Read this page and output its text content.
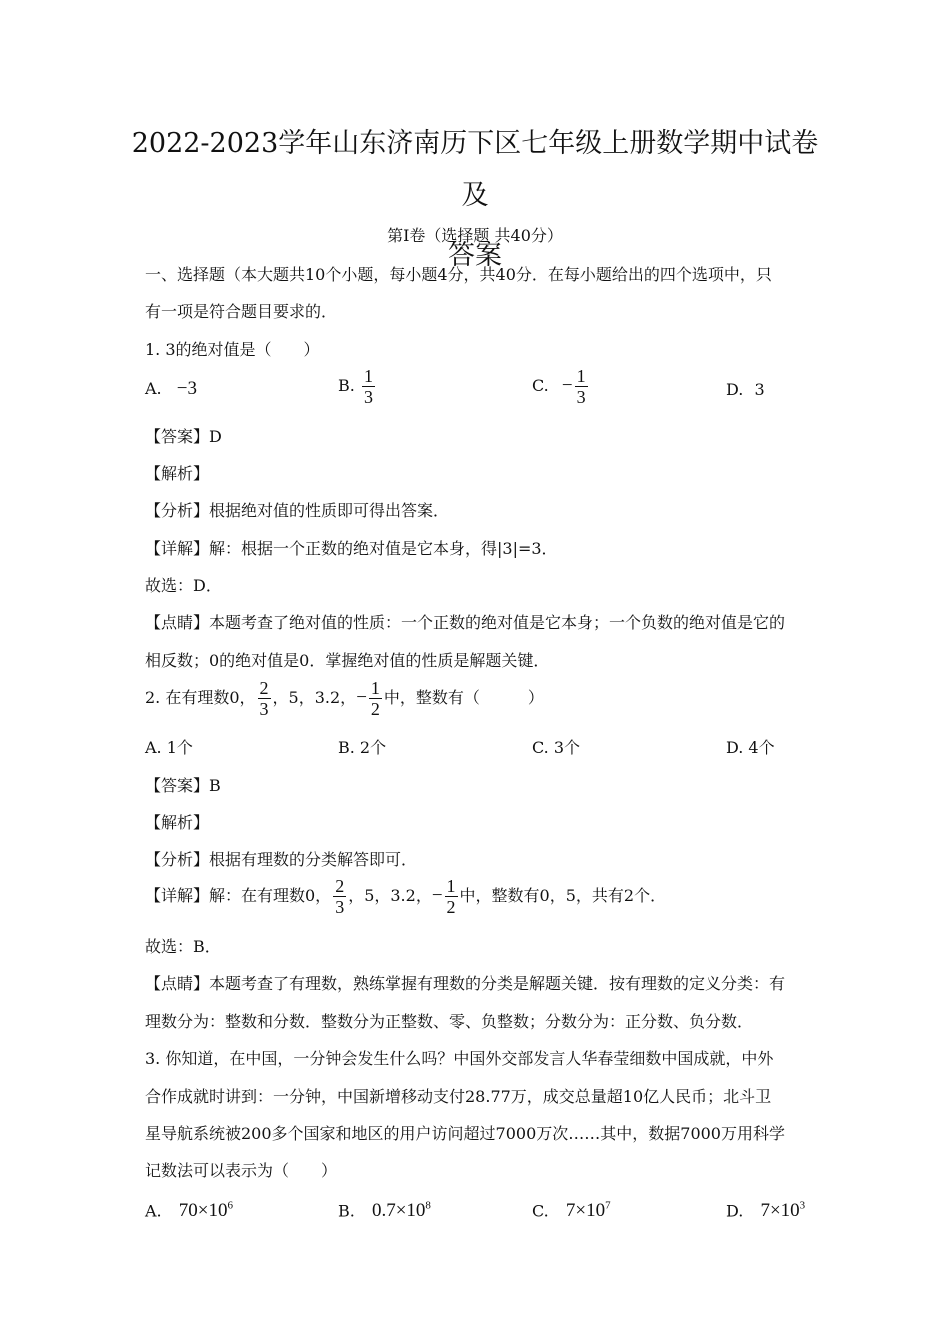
2022-2023学年山东济南历下区七年级上册数学期中试卷及
答案
第Ⅰ卷（选择题 共40分）
一、选择题（本大题共10个小题，每小题4分，共40分．在每小题给出的四个选项中，只
有一项是符合题目要求的．
1. 3的绝对值是（　　）
A. −3	B. $\frac{1}{3}$	C. − $\frac{1}{3}$	D. 3
【答案】D
【解析】
【分析】根据绝对值的性质即可得出答案．
【详解】解：根据一个正数的绝对值是它本身，得|3|=3．
故选：D．
【点睛】本题考查了绝对值的性质：一个正数的绝对值是它本身；一个负数的绝对值是它的
相反数；0的绝对值是0．掌握绝对值的性质是解题关键．
2. 在有理数0， $\frac{2}{3}$ ，5，3.2，− $\frac{1}{2}$ 中，整数有（　　　）
A. 1个	B. 2个	C. 3个	D. 4个
【答案】B
【解析】
【分析】根据有理数的分类解答即可．
【详解】解：在有理数0， $\frac{2}{3}$ ，5，3.2，− $\frac{1}{2}$ 中，整数有0，5，共有2个．
故选：B．
【点睛】本题考查了有理数，熟练掌握有理数的分类是解题关键．按有理数的定义分类：有
理数分为：整数和分数．整数分为正整数、零、负整数；分数分为：正分数、负分数．
3. 你知道，在中国，一分钟会发生什么吗？中国外交部发言人华春莹细数中国成就，中外
合作成就时讲到：一分钟，中国新增移动支付28.77万，成交总量超10亿人民币；北斗卫
星导航系统被200多个国家和地区的用户访问超过7000万次……其中，数据7000万用科学
记数法可以表示为（　　）
A. $70\times 10^6$	B. $0.7\times 10^8$	C. $7\times 10^7$	D. $7\times 10^3$
